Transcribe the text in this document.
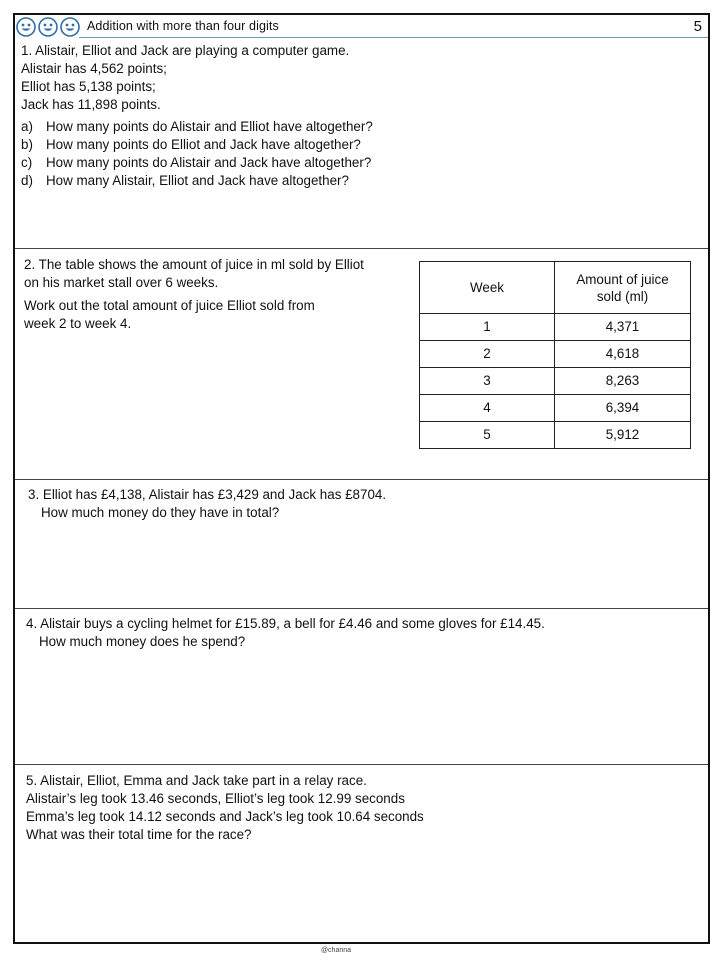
Addition with more than four digits	5

1. Alistair, Elliot and Jack are playing a computer game.

Alistair has 4,562 points;

Elliot has 5,138 points;

Jack has 11,898 points.

a) How many points do Alistair and Elliot have altogether?
b) How many points do Elliot and Jack have altogether?
c)	How many points do Alistair and Jack have altogether?
d) How many Alistair, Elliot and Jack have altogether?

2. The table shows the amount of juice in ml sold by Elliot

on his market stall over 6 weeks.

Work out the total amount of juice Elliot sold from

week 2 to week 4.

Week	Amount of juice sold (ml)
1	4,371
2	4,618
3	8,263
4	6,394
5	5,912

3. Elliot has £4,138, Alistair has £3,429 and Jack has £8704.

How much money do they have in total?

4. Alistair buys a cycling helmet for £15.89, a bell for £4.46 and some gloves for £14.45.

How much money does he spend?

5. Alistair, Elliot, Emma and Jack take part in a relay race.

Alistair’s leg took 13.46 seconds, Elliot’s leg took 12.99 seconds

Emma’s leg took 14.12 seconds and Jack’s leg took 10.64 seconds

What was their total time for the race?

@channa
